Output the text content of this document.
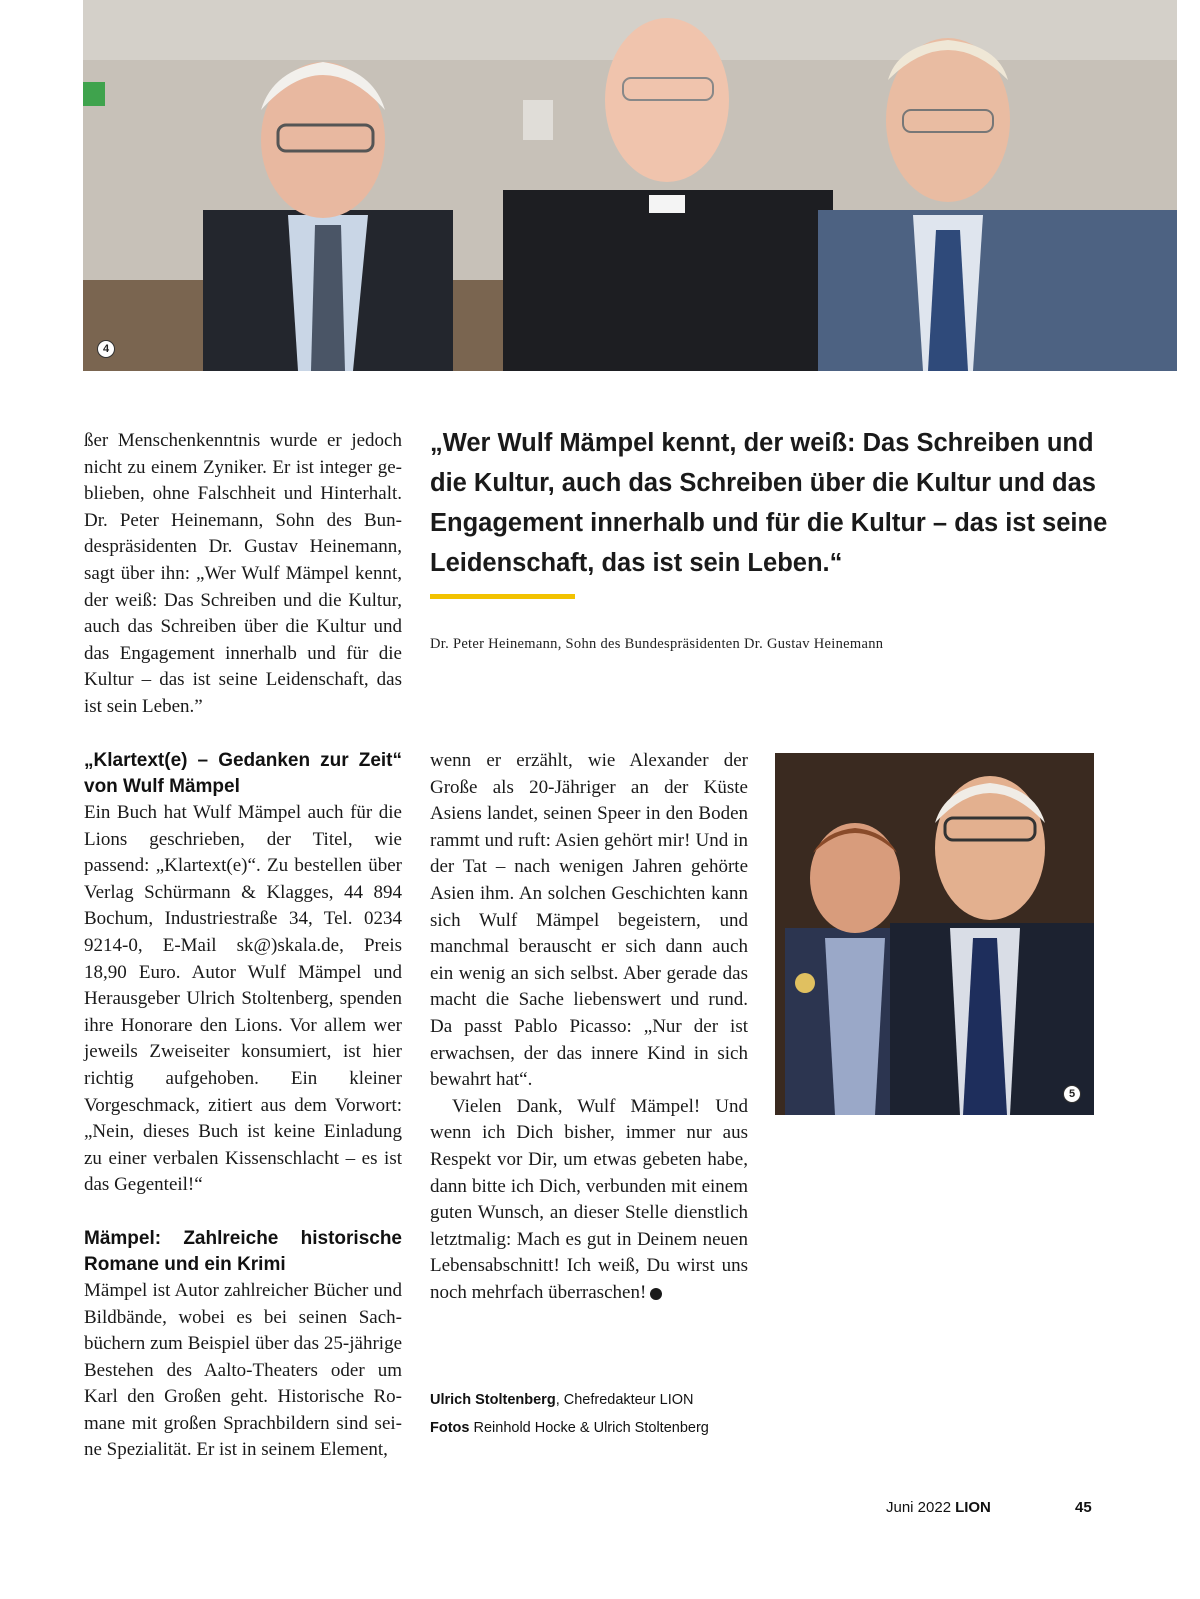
4

ßer Menschenkenntnis wurde er jedoch nicht zu einem Zyniker. Er ist integer geblieben, ohne Falschheit und Hinterhalt. Dr. Peter Heinemann, Sohn des Bundespräsidenten Dr. Gustav Heinemann, sagt über ihn: „Wer Wulf Mämpel kennt, der weiß: Das Schreiben und die Kultur, auch das Schreiben über die Kultur und das Engagement innerhalb und für die Kultur – das ist seine Leidenschaft, das ist sein Leben.”

„Wer Wulf Mämpel kennt, der weiß: Das Schreiben und die Kultur, auch das Schreiben über die Kultur und das Engagement innerhalb und für die Kultur – das ist seine Leidenschaft, das ist sein Leben.“

Dr. Peter Heinemann, Sohn des Bundespräsidenten Dr. Gustav Heinemann
„Klartext(e) – Gedanken zur Zeit“ von Wulf Mämpel

Ein Buch hat Wulf Mämpel auch für die Lions geschrieben, der Titel, wie passend: „Klartext(e)“. Zu bestellen über Verlag Schürmann & Klagges, 44 894 Bochum, Industriestraße 34, Tel. 0234 9214-0, E-Mail sk@)skala.de, Preis 18,90 Euro. Autor Wulf Mämpel und Herausgeber Ulrich Stoltenberg, spenden ihre Honorare den Lions. Vor allem wer jeweils Zweiseiter konsumiert, ist hier richtig aufgehoben. Ein kleiner Vorgeschmack, zitiert aus dem Vorwort: „Nein, dieses Buch ist keine Einladung zu einer verbalen Kissenschlacht – es ist das Gegenteil!“

Mämpel: Zahlreiche historische Romane und ein Krimi

Mämpel ist Autor zahlreicher Bücher und Bildbände, wobei es bei seinen Sachbüchern zum Beispiel über das 25-jährige Bestehen des Aalto-Theaters oder um Karl den Großen geht. Historische Romane mit großen Sprachbildern sind seine Spezialität. Er ist in seinem Element,

wenn er erzählt, wie Alexander der Große als 20-Jähriger an der Küste Asiens landet, seinen Speer in den Boden rammt und ruft: Asien gehört mir! Und in der Tat – nach wenigen Jahren gehörte Asien ihm. An solchen Geschichten kann sich Wulf Mämpel begeistern, und manchmal berauscht er sich dann auch ein wenig an sich selbst. Aber gerade das macht die Sache liebenswert und rund. Da passt Pablo Picasso: „Nur der ist erwachsen, der das innere Kind in sich bewahrt hat“.

Vielen Dank, Wulf Mämpel! Und wenn ich Dich bisher, immer nur aus Respekt vor Dir, um etwas gebeten habe, dann bitte ich Dich, verbunden mit einem guten Wunsch, an dieser Stelle dienstlich letztmalig: Mach es gut in Deinem neuen Lebensabschnitt! Ich weiß, Du wirst uns noch mehrfach überraschen!

5
Ulrich Stoltenberg, Chefredakteur LION
Fotos Reinhold Hocke & Ulrich Stoltenberg
Juni 2022 LION	45
